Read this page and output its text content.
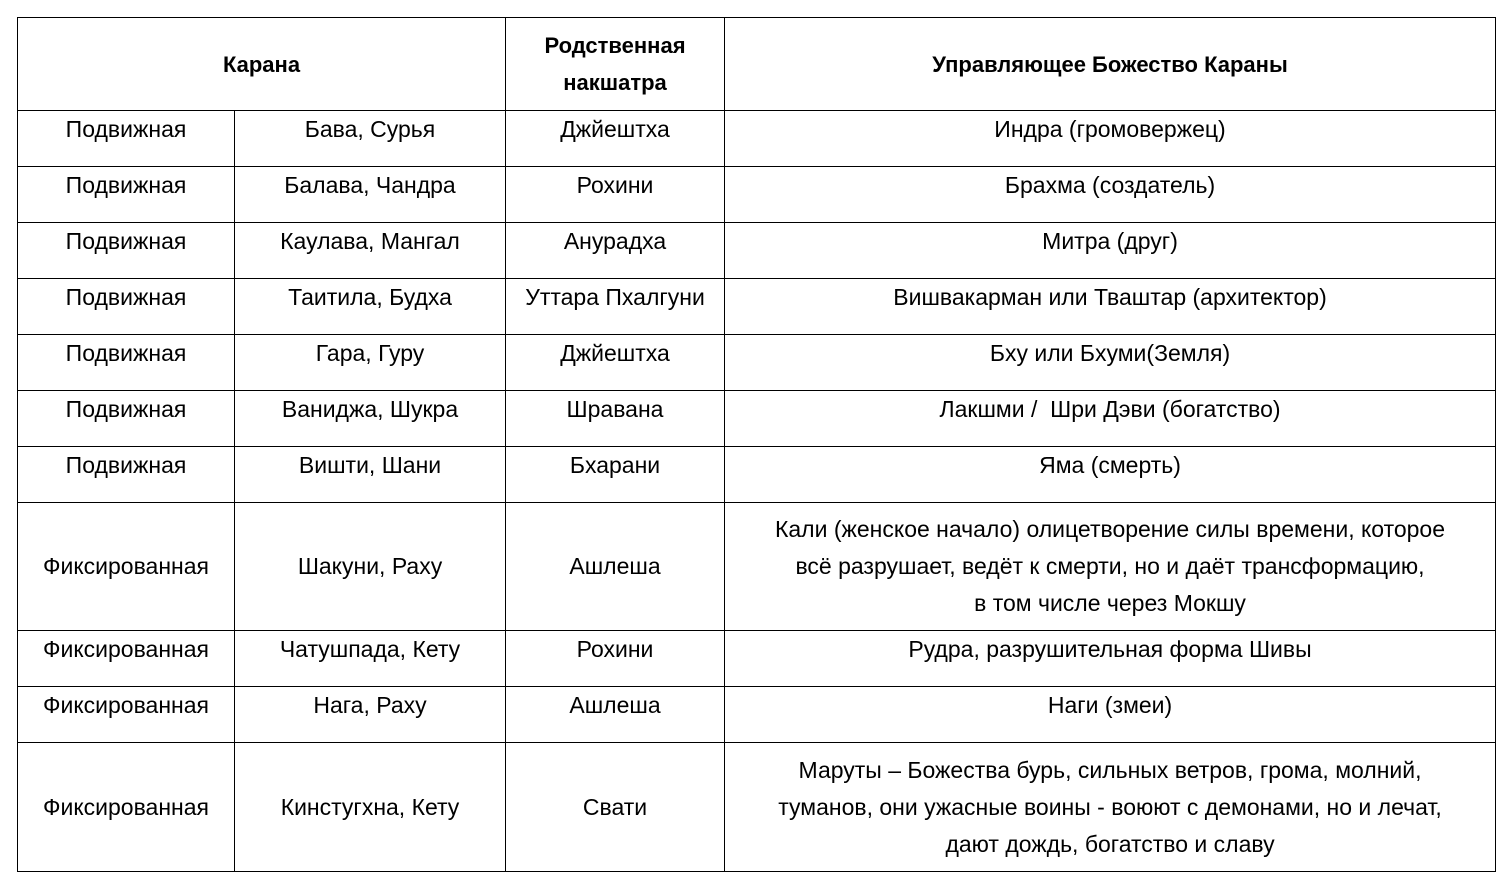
Карана		Родственная накшатра	Управляющее Божество Караны
Подвижная	Бава, Сурья	Джйештха	Индра (громовержец)
Подвижная	Балава, Чандра	Рохини	Брахма (создатель)
Подвижная	Каулава, Мангал	Анурадха	Митра (друг)
Подвижная	Таитила, Будха	Уттара Пхалгуни	Вишвакарман или Тваштар (архитектор)
Подвижная	Гара, Гуру	Джйештха	Бху или Бхуми(Земля)
Подвижная	Ваниджа, Шукра	Шравана	Лакшми /  Шри Дэви (богатство)
Подвижная	Вишти, Шани	Бхарани	Яма (смерть)
Фиксированная	Шакуни, Раху	Ашлеша	Кали (женское начало) олицетворение силы времени, которое
всё разрушает, ведёт к смерти, но и даёт трансформацию,
в том числе через Мокшу

Фиксированная	Чатушпада, Кету	Рохини	Рудра, разрушительная форма Шивы
Фиксированная	Нага, Раху	Ашлеша	Наги (змеи)
Фиксированная	Кинстугхна, Кету	Свати	Маруты – Божества бурь, сильных ветров, грома, молний,
туманов, они ужасные воины - воюют с демонами, но и лечат,
дают дождь, богатство и славу
